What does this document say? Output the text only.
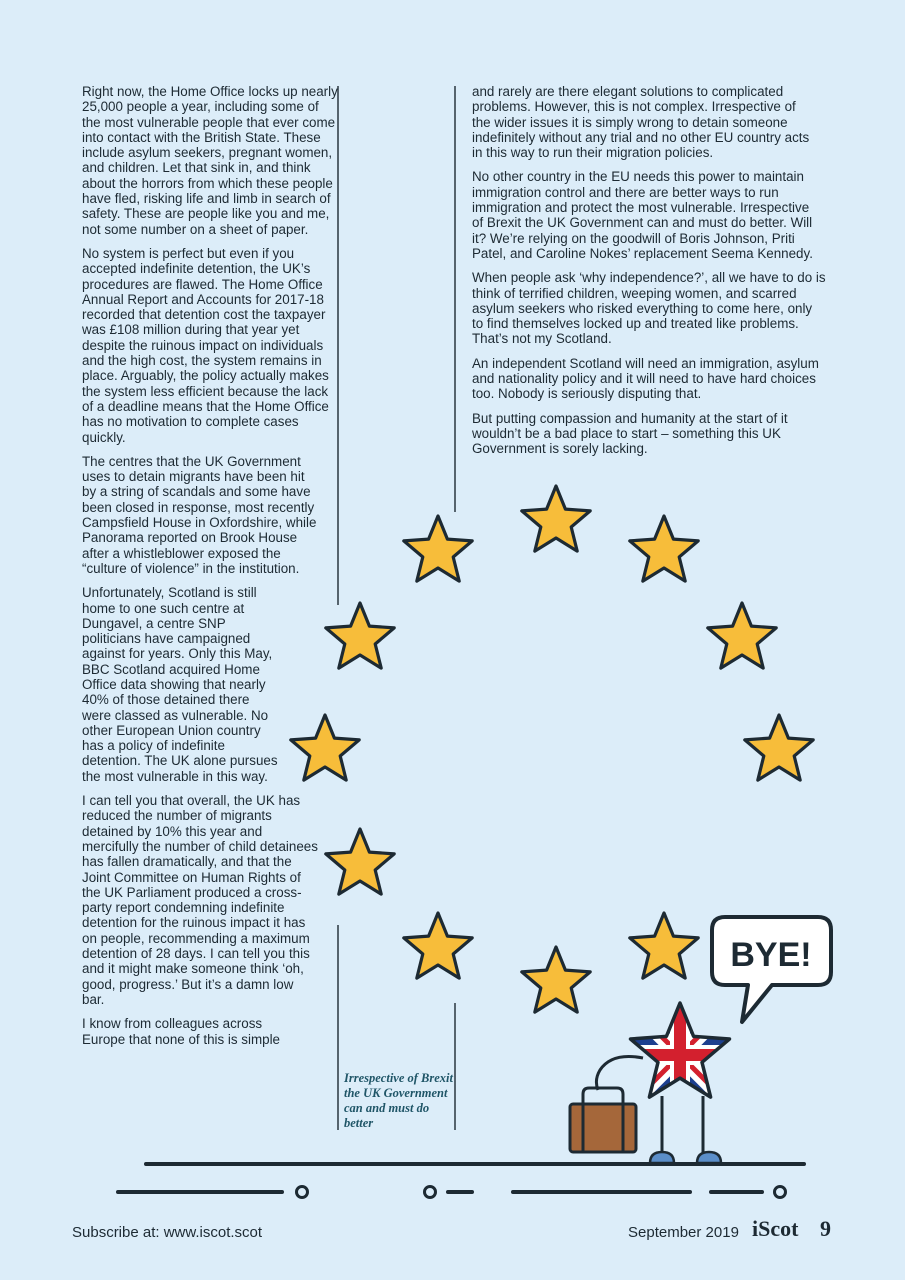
BYE!

Right now, the Home Office locks up nearly 25,000 people a year, including some of the most vulnerable people that ever come into contact with the British State. These include asylum seekers, pregnant women, and children. Let that sink in, and think about the horrors from which these people have fled, risking life and limb in search of safety. These are people like you and me, not some number on a sheet of paper.

No system is perfect but even if you accepted indefinite detention, the UK’s procedures are flawed. The Home Office Annual Report and Accounts for 2017-18 recorded that detention cost the taxpayer was £108 million during that year yet despite the ruinous impact on individuals and the high cost, the system remains in place. Arguably, the policy actually makes the system less efficient because the lack of a deadline means that the Home Office has no motivation to complete cases quickly.

The centres that the UK Government uses to detain migrants have been hit by a string of scandals and some have been closed in response, most recently Campsfield House in Oxfordshire, while Panorama reported on Brook House after a whistleblower exposed the “culture of violence” in the institution.

Unfortunately, Scotland is still home to one such centre at Dungavel, a centre SNP politicians have campaigned against for years. Only this May, BBC Scotland acquired Home Office data showing that nearly 40% of those detained there were classed as vulnerable. No other European Union country has a policy of indefinite detention. The UK alone pursues the most vulnerable in this way.

I can tell you that overall, the UK has reduced the number of migrants detained by 10% this year and mercifully the number of child detainees has fallen dramatically, and that the Joint Committee on Human Rights of the UK Parliament produced a cross-party report condemning indefinite detention for the ruinous impact it has on people, recommending a maximum detention of 28 days. I can tell you this and it might make someone think ‘oh, good, progress.’ But it’s a damn low bar.

I know from colleagues across Europe that none of this is simple

and rarely are there elegant solutions to complicated problems. However, this is not complex. Irrespective of the wider issues it is simply wrong to detain someone indefinitely without any trial and no other EU country acts in this way to run their migration policies.

No other country in the EU needs this power to maintain immigration control and there are better ways to run immigration and protect the most vulnerable. Irrespective of Brexit the UK Government can and must do better. Will it? We’re relying on the goodwill of Boris Johnson, Priti Patel, and Caroline Nokes’ replacement Seema Kennedy.

When people ask ‘why independence?’, all we have to do is think of terrified children, weeping women, and scarred asylum seekers who risked everything to come here, only to find themselves locked up and treated like problems. That’s not my Scotland.

An independent Scotland will need an immigration, asylum and nationality policy and it will need to have hard choices too. Nobody is seriously disputing that.

But putting compassion and humanity at the start of it wouldn’t be a bad place to start – something this UK Government is sorely lacking.

Irrespective of Brexit the UK Government can and must do better
Subscribe at: www.iscot.scot	September 2019 iScot 9
